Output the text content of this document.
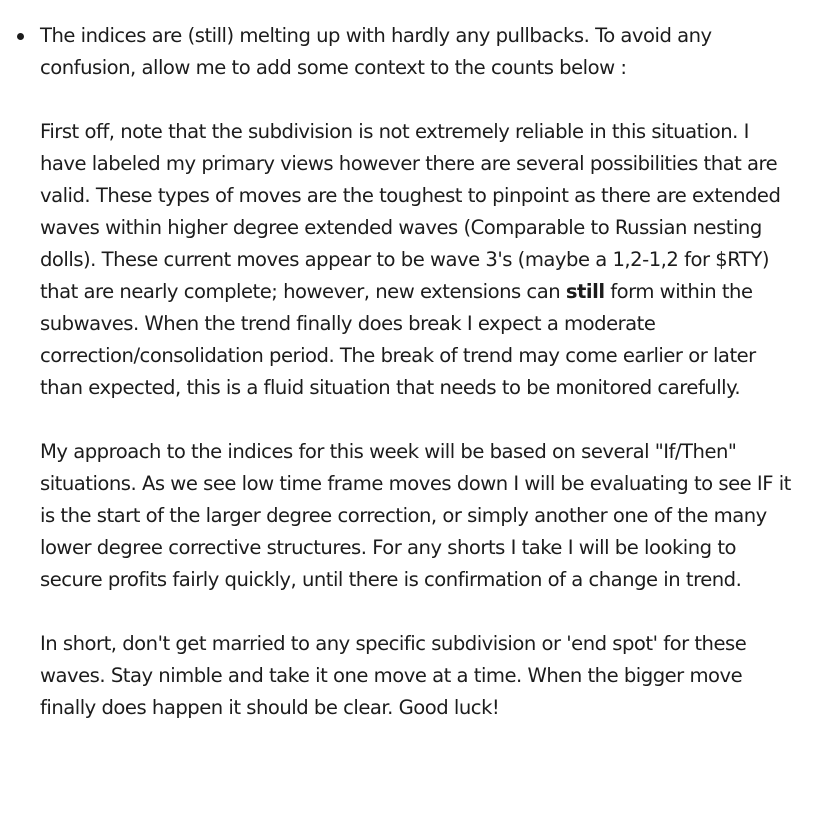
The indices are (still) melting up with hardly any pullbacks. To avoid any confusion, allow me to add some context to the counts below :

First off, note that the subdivision is not extremely reliable in this situation. I have labeled my primary views however there are several possibilities that are valid. These types of moves are the toughest to pinpoint as there are extended waves within higher degree extended waves (Comparable to Russian nesting dolls). These current moves appear to be wave 3's (maybe a 1,2-1,2 for $RTY) that are nearly complete; however, new extensions can still form within the subwaves. When the trend finally does break I expect a moderate correction/consolidation period. The break of trend may come earlier or later than expected, this is a fluid situation that needs to be monitored carefully.

My approach to the indices for this week will be based on several "If/Then" situations. As we see low time frame moves down I will be evaluating to see IF it is the start of the larger degree correction, or simply another one of the many lower degree corrective structures. For any shorts I take I will be looking to secure profits fairly quickly, until there is confirmation of a change in trend.

In short, don't get married to any specific subdivision or 'end spot' for these waves. Stay nimble and take it one move at a time. When the bigger move finally does happen it should be clear. Good luck!
